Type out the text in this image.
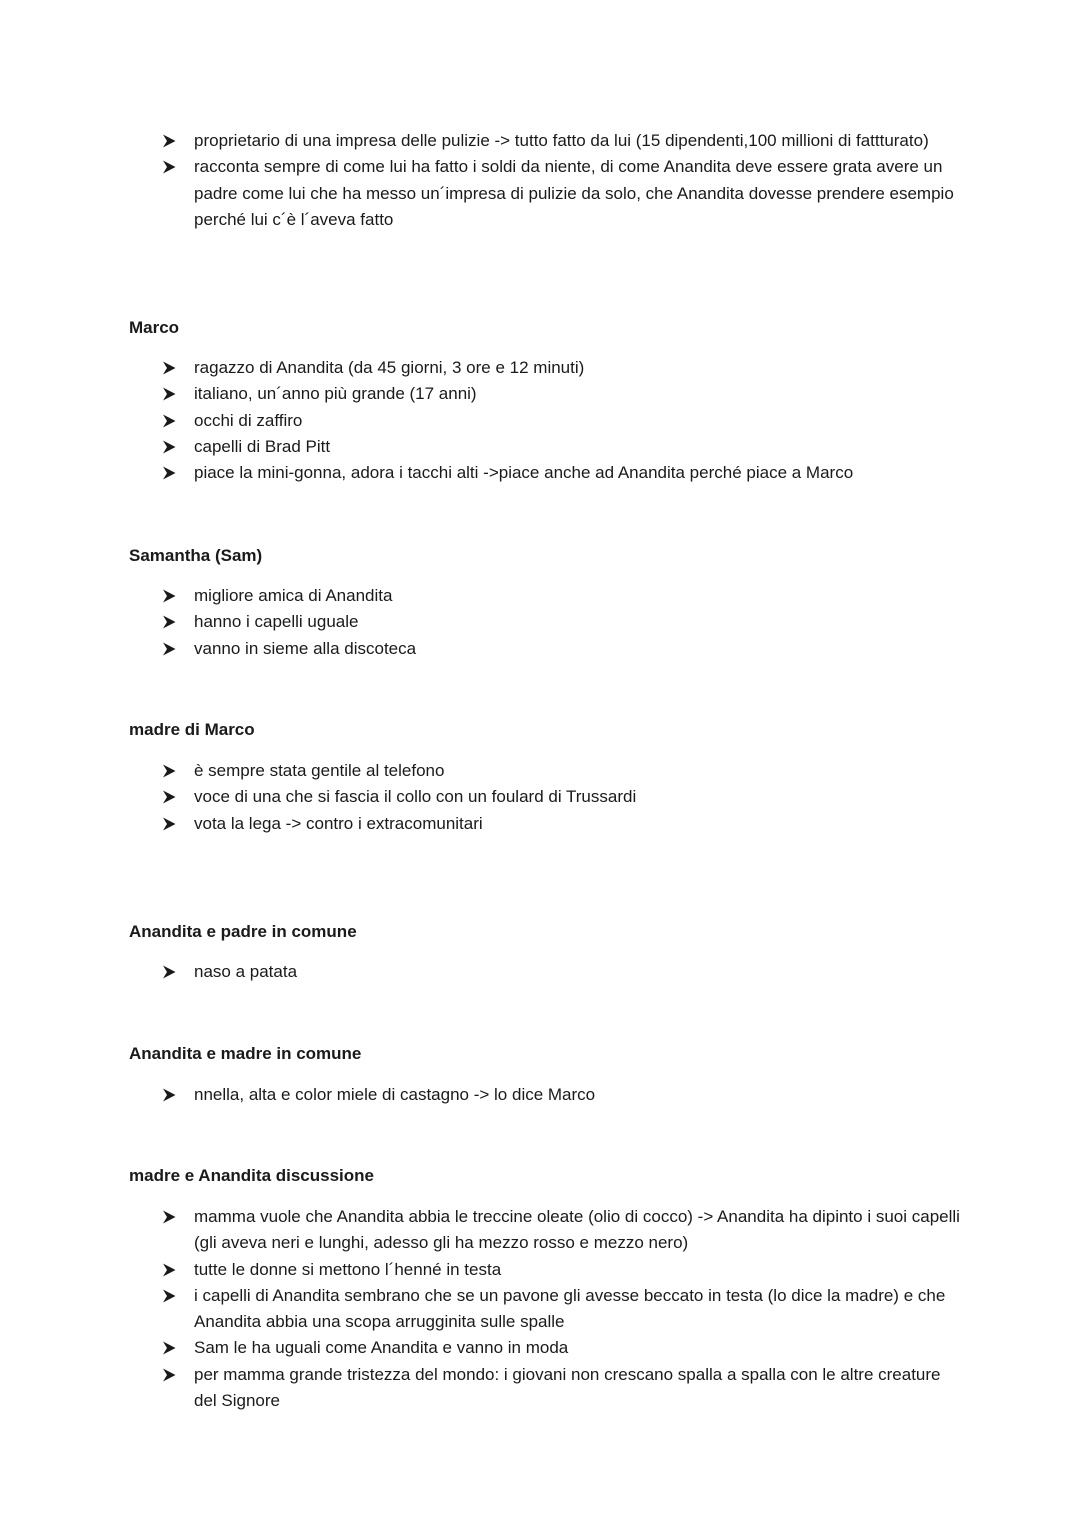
proprietario di una impresa delle pulizie -> tutto fatto da lui (15 dipendenti,100 millioni di fattturato)
racconta sempre di come lui ha fatto i soldi da niente, di come Anandita deve essere grata avere un padre come lui che ha messo un´impresa di pulizie da solo, che Anandita dovesse prendere esempio perché lui c´è l´aveva fatto
Marco
ragazzo di Anandita (da 45 giorni, 3 ore e 12 minuti)
italiano, un´anno più grande (17 anni)
occhi di zaffiro
capelli di Brad Pitt
piace la mini-gonna, adora i tacchi alti ->piace anche ad Anandita perché piace a Marco
Samantha (Sam)
migliore amica di Anandita
hanno i capelli uguale
vanno in sieme alla discoteca
madre di Marco
è sempre stata gentile al telefono
voce di una che si fascia il collo con un foulard di Trussardi
vota la lega -> contro i extracomunitari
Anandita e padre in comune
naso a patata
Anandita e madre in comune
nnella, alta e color miele di castagno -> lo dice Marco
madre e Anandita discussione
mamma vuole che Anandita abbia le treccine oleate (olio di cocco) -> Anandita ha dipinto i suoi capelli (gli aveva neri e lunghi, adesso gli ha mezzo rosso e mezzo nero)
tutte le donne si mettono l´henné in testa
i capelli di Anandita sembrano che se un pavone gli avesse beccato in testa (lo dice la madre) e che Anandita abbia una scopa arrugginita sulle spalle
Sam le ha uguali come Anandita e vanno in moda
per mamma grande tristezza del mondo: i giovani non crescano spalla a spalla con le altre creature del Signore
